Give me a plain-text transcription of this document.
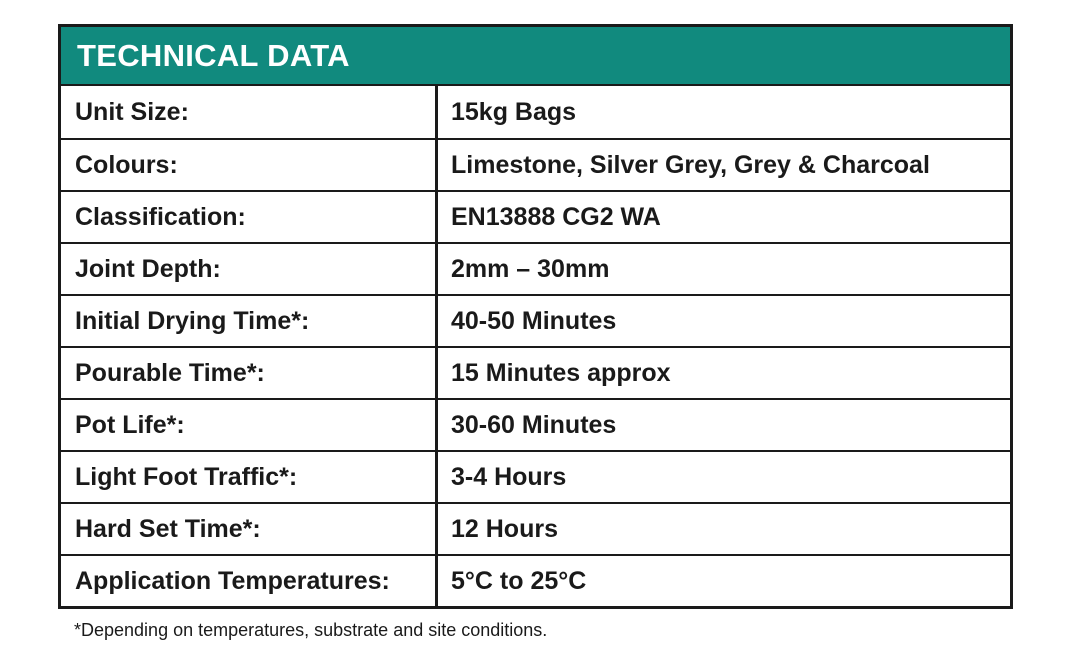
TECHNICAL DATA
Unit Size:	15kg Bags
Colours:	Limestone, Silver Grey, Grey & Charcoal
Classification:	EN13888 CG2 WA
Joint Depth:	2mm – 30mm
Initial Drying Time*:	40-50 Minutes
Pourable Time*:	15 Minutes approx
Pot Life*:	30-60 Minutes
Light Foot Traffic*:	3-4 Hours
Hard Set Time*:	12 Hours
Application Temperatures:	5°C to 25°C
*Depending on temperatures, substrate and site conditions.
